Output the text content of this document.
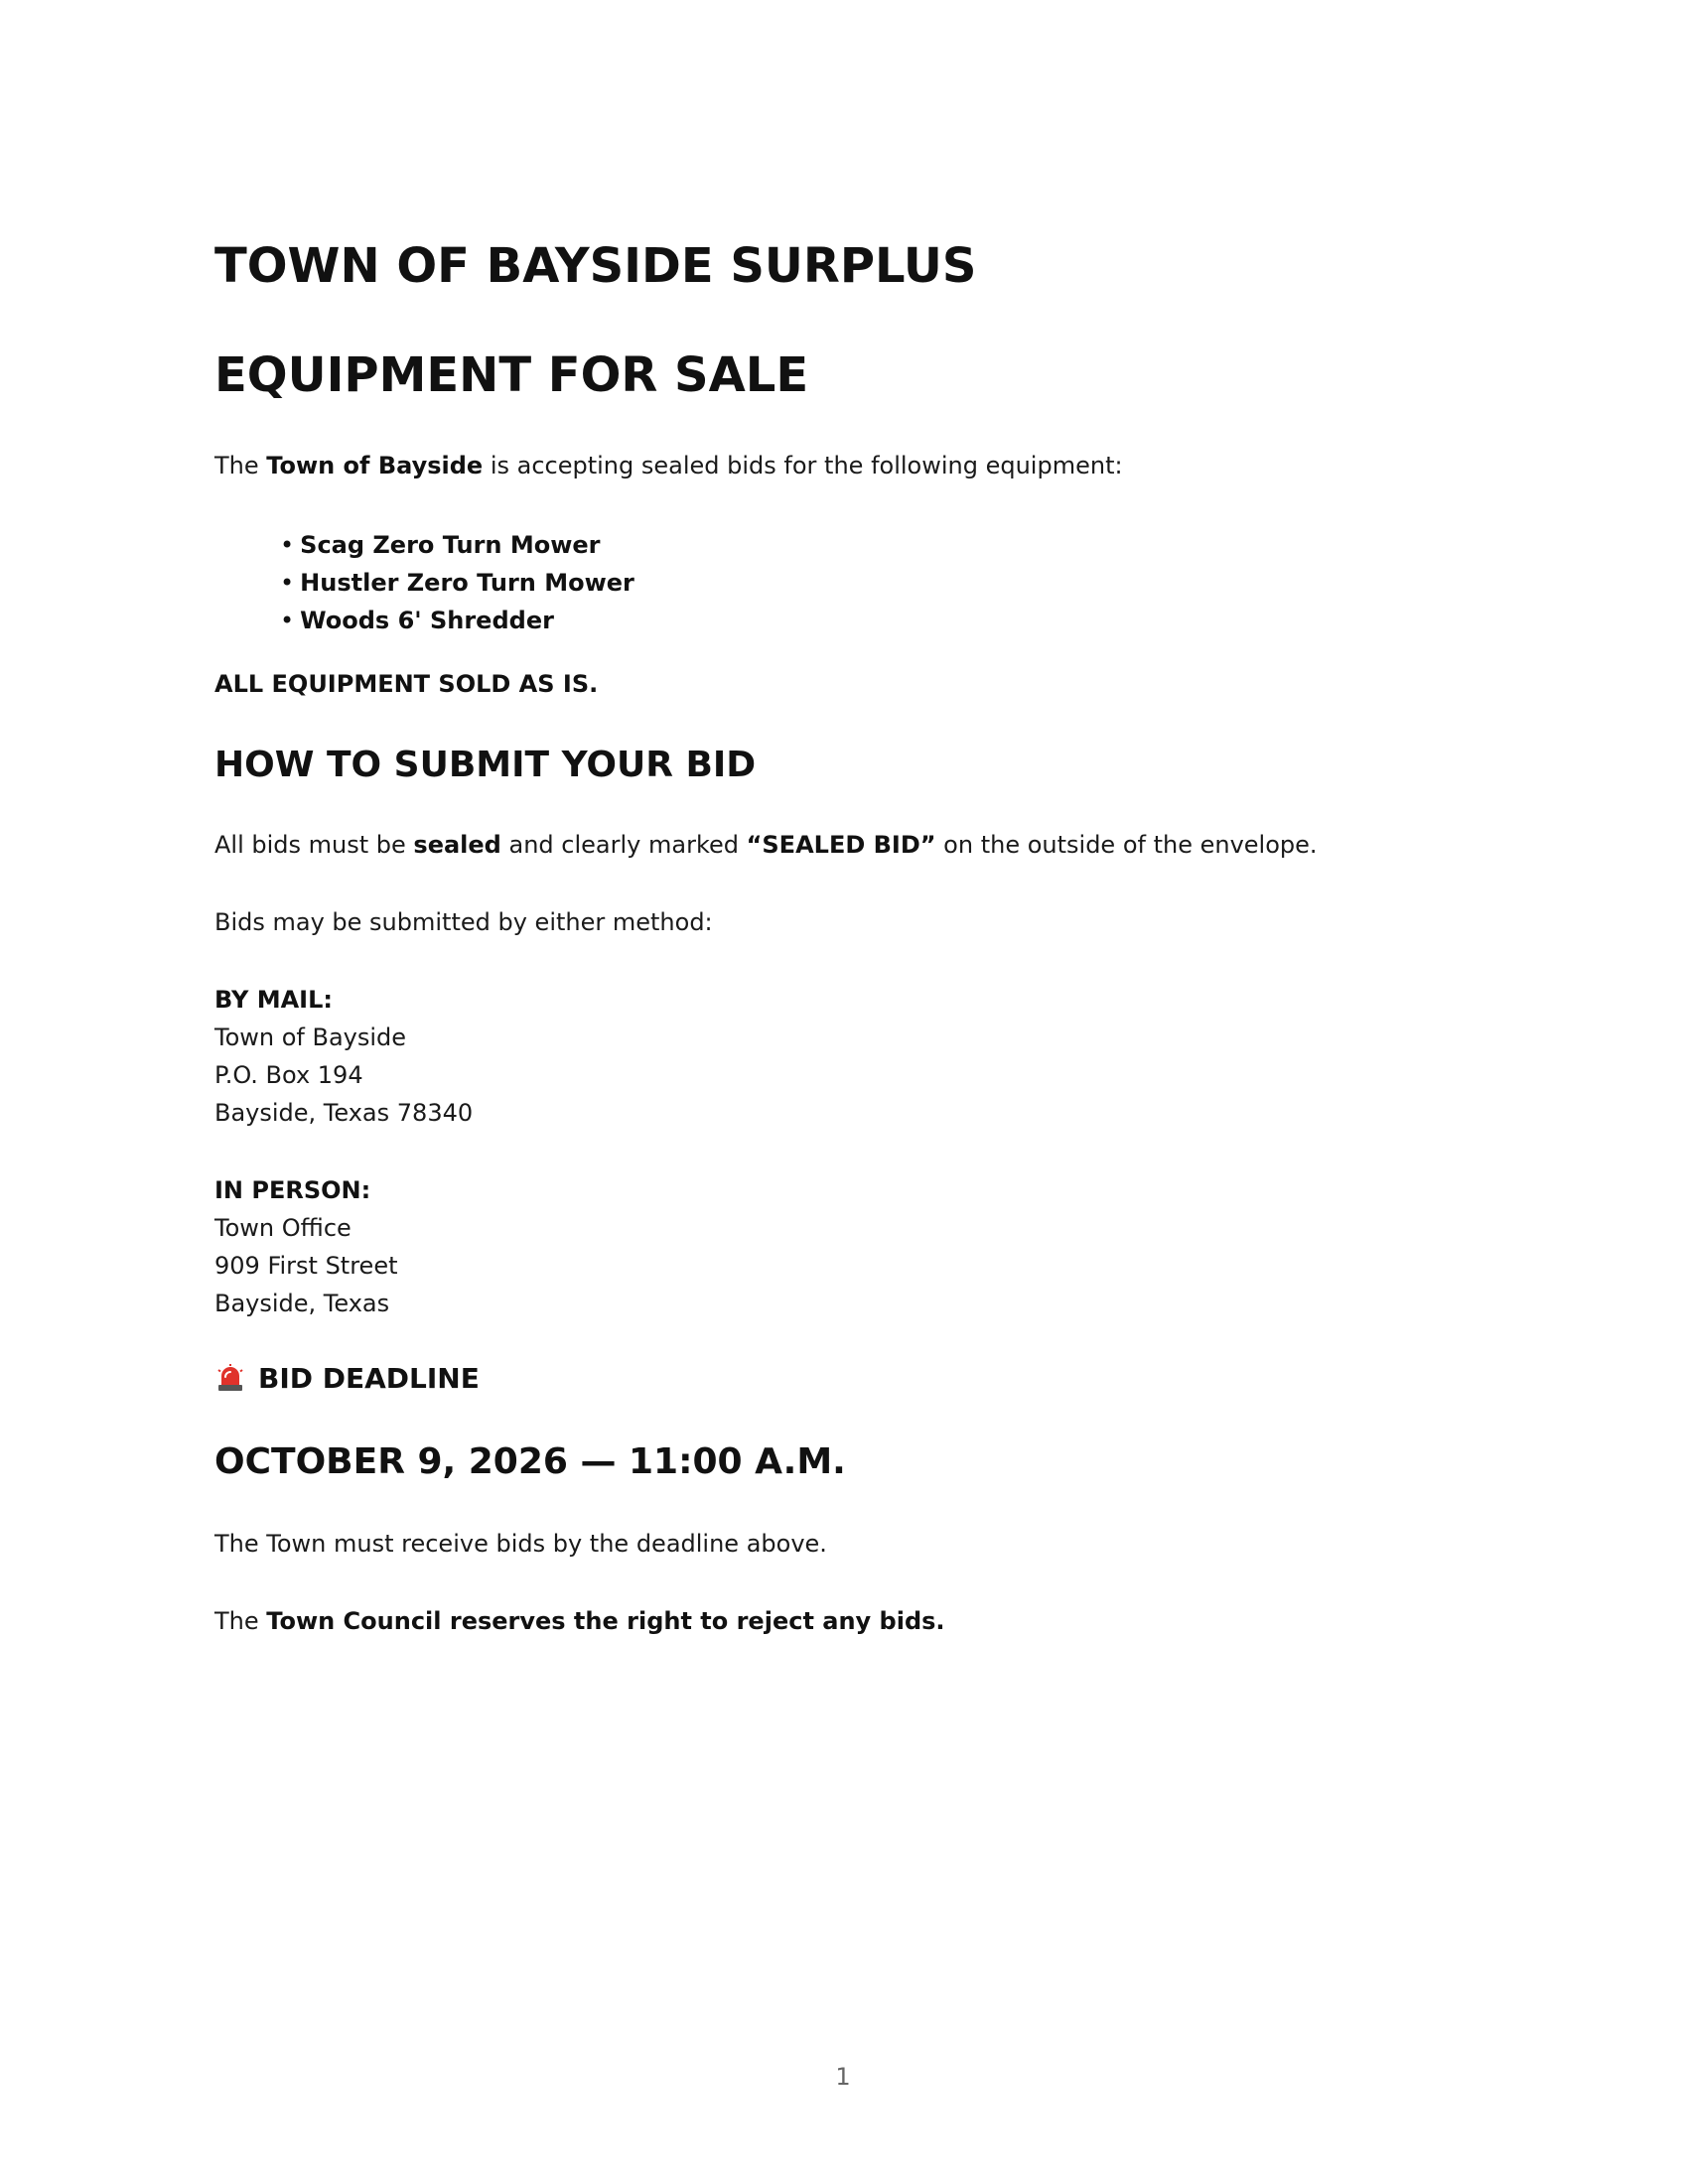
TOWN OF BAYSIDE SURPLUS
EQUIPMENT FOR SALE

The Town of Bayside is accepting sealed bids for the following equipment:

• Scag Zero Turn Mower
• Hustler Zero Turn Mower
• Woods 6' Shredder

ALL EQUIPMENT SOLD AS IS.

HOW TO SUBMIT YOUR BID

All bids must be sealed and clearly marked “SEALED BID” on the outside of the envelope.

Bids may be submitted by either method:

BY MAIL:
Town of Bayside
P.O. Box 194
Bayside, Texas 78340
IN PERSON:
Town Office
909 First Street
Bayside, Texas
BID DEADLINE
OCTOBER 9, 2026 — 11:00 A.M.

The Town must receive bids by the deadline above.

The Town Council reserves the right to reject any bids.

1
